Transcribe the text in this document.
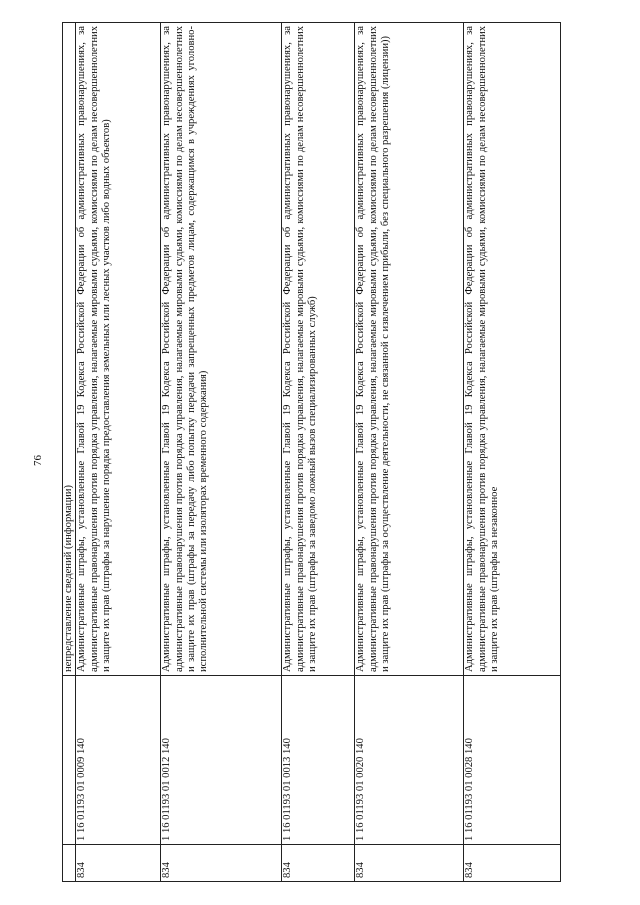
76
		непредставление сведений (информации)
834	1 16 01193 01 0009 140	Административные штрафы, установленные Главой 19 Кодекса Российской Федерации об административных правонарушениях, за административные правонарушения против порядка управления, налагаемые мировыми судьями, комиссиями по делам несовершеннолетних и защите их прав (штрафы за нарушение порядка предоставления земельных или лесных участков либо водных объектов)
834	1 16 01193 01 0012 140	Административные штрафы, установленные Главой 19 Кодекса Российской Федерации об административных правонарушениях, за административные правонарушения против порядка управления, налагаемые мировыми судьями, комиссиями по делам несовершеннолетних и защите их прав (штрафы за передачу либо попытку передачи запрещенных предметов лицам, содержащимся в учреждениях уголовно-исполнительной системы или изоляторах временного содержания)
834	1 16 01193 01 0013 140	Административные штрафы, установленные Главой 19 Кодекса Российской Федерации об административных правонарушениях, за административные правонарушения против порядка управления, налагаемые мировыми судьями, комиссиями по делам несовершеннолетних и защите их прав (штрафы за заведомо ложный вызов специализированных служб)
834	1 16 01193 01 0020 140	Административные штрафы, установленные Главой 19 Кодекса Российской Федерации об административных правонарушениях, за административные правонарушения против порядка управления, налагаемые мировыми судьями, комиссиями по делам несовершеннолетних и защите их прав (штрафы за осуществление деятельности, не связанной с извлечением прибыли, без специального разрешения (лицензии))
834	1 16 01193 01 0028 140	Административные штрафы, установленные Главой 19 Кодекса Российской Федерации об административных правонарушениях, за административные правонарушения против порядка управления, налагаемые мировыми судьями, комиссиями по делам несовершеннолетних и защите их прав (штрафы за незаконное
